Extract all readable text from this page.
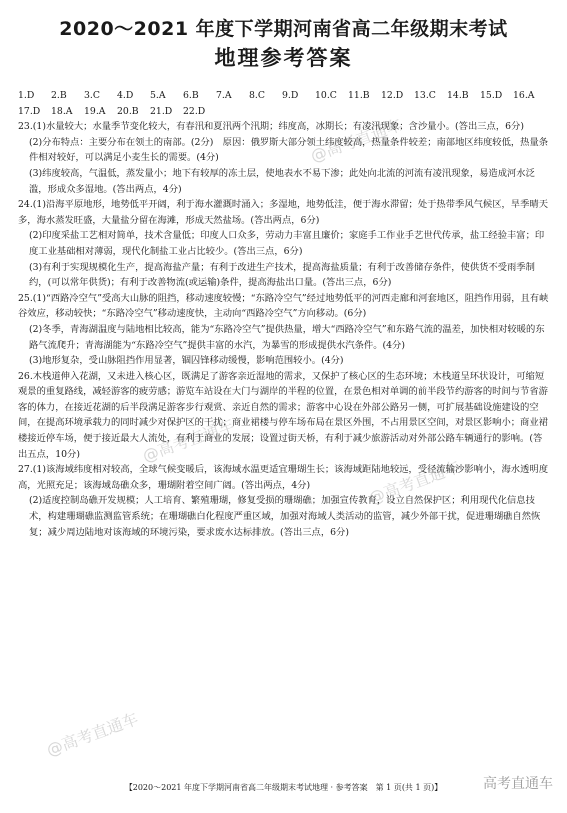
2020～2021 年度下学期河南省高二年级期末考试
地理参考答案
@高考直通车
@高考直通车
@高考直通车
@高考直通车
1.D	2.B	3.C	4.D	5.A	6.B	7.A	8.C	9.D	10.C	11.B	12.D	13.C	14.B	15.D	16.A
17.D	18.A	19.A	20.B	21.D	22.D
23.(1)水量较大；水量季节变化较大，有春汛和夏汛两个汛期；纬度高，冰期长；有凌汛现象；含沙量小。(答出三点，6分)
(2)分布特点：主要分布在领土的南部。(2分)　原因：俄罗斯大部分领土纬度较高，热量条件较差；南部地区纬度较低，热量条件相对较好，可以满足小麦生长的需要。(4分)
(3)纬度较高，气温低，蒸发量小；地下有较厚的冻土层，使地表水不易下渗；此处向北流的河流有凌汛现象，易造成河水泛滥，形成众多湿地。(答出两点，4分)
24.(1)沿海平原地形，地势低平开阔，利于海水灌溉时涌入；多湿地，地势低洼，便于海水滞留；处于热带季风气候区，旱季晴天多，海水蒸发旺盛，大量盐分留在海滩，形成天然盐场。(答出两点，6分)
(2)印度采盐工艺相对简单，技术含量低；印度人口众多，劳动力丰富且廉价；家庭手工作业手艺世代传承，盐工经验丰富；印度工业基础相对薄弱，现代化制盐工业占比较少。(答出三点，6分)
(3)有利于实现规模化生产，提高海盐产量；有利于改进生产技术，提高海盐质量；有利于改善储存条件，使供货不受雨季制约，(可以常年供货)；有利于改善物流(或运输)条件，提高海盐出口量。(答出三点，6分)
25.(1)“西路冷空气”受高大山脉的阻挡，移动速度较慢；“东路冷空气”经过地势低平的河西走廊和河套地区，阻挡作用弱，且有峡谷效应，移动较快；“东路冷空气”移动速度快，主动向“西路冷空气”方向移动。(6分)
(2)冬季，青海湖温度与陆地相比较高，能为“东路冷空气”提供热量，增大“西路冷空气”和东路气流的温差，加快相对较暖的东路气流爬升；青海湖能为“东路冷空气”提供丰富的水汽，为暴雪的形成提供水汽条件。(4分)
(3)地形复杂，受山脉阻挡作用显著，锢囚锋移动缓慢，影响范围较小。(4分)
26.木栈道伸入花湖，又未进入核心区，既满足了游客亲近湿地的需求，又保护了核心区的生态环境；木栈道呈环状设计，可缩短观景的重复路线，减轻游客的疲劳感；游览车站设在大门与湖岸的半程的位置，在景色相对单调的前半段节约游客的时间与节省游客的体力，在接近花湖的后半段满足游客步行观赏、亲近自然的需求；游客中心设在外部公路另一侧，可扩展基础设施建设的空间，在提高环境承载力的同时减少对保护区的干扰；商业裙楼与停车场布局在景区外围，不占用景区空间，对景区影响小；商业裙楼接近停车场，便于接近最大人流处，有利于商业的发展；设置过街天桥，有利于减少旅游活动对外部公路车辆通行的影响。(答出五点，10分)
27.(1)该海域纬度相对较高，全球气候变暖后，该海域水温更适宜珊瑚生长；该海域距陆地较远，受径流输沙影响小，海水透明度高，光照充足；该海域岛礁众多，珊瑚附着空间广阔。(答出两点，4分)
(2)适度控制岛礁开发规模；人工培育、繁殖珊瑚，修复受损的珊瑚礁；加强宣传教育，设立自然保护区；利用现代化信息技术，构建珊瑚礁监测监管系统；在珊瑚礁白化程度严重区域，加强对海域人类活动的监管，减少外部干扰，促进珊瑚礁自然恢复；减少周边陆地对该海域的环境污染，要求废水达标排放。(答出三点，6分)
【2020～2021 年度下学期河南省高二年级期末考试地理 · 参考答案　第 1 页(共 1 页)】	高考直通车
